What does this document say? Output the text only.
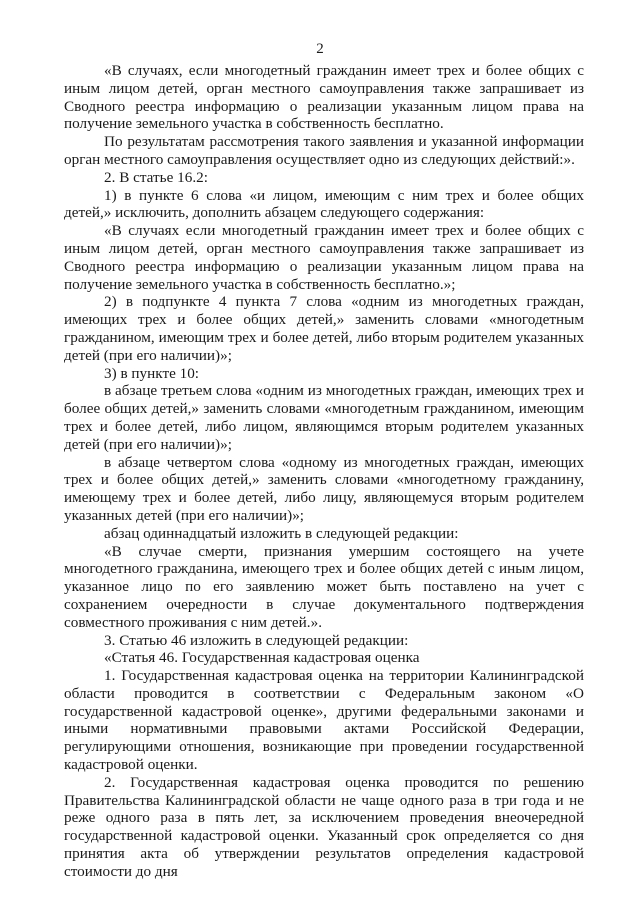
2

«В случаях, если многодетный гражданин имеет трех и более общих с иным лицом детей, орган местного самоуправления также запрашивает из Сводного реестра информацию о реализации указанным лицом права на получение земельного участка в собственность бесплатно.

По результатам рассмотрения такого заявления и указанной информации орган местного самоуправления осуществляет одно из следующих действий:».

2. В статье 16.2:

1) в пункте 6 слова «и лицом, имеющим с ним трех и более общих детей,» исключить, дополнить абзацем следующего содержания:

«В случаях если многодетный гражданин имеет трех и более общих с иным лицом детей, орган местного самоуправления также запрашивает из Сводного реестра информацию о реализации указанным лицом права на получение земельного участка в собственность бесплатно.»;

2) в подпункте 4 пункта 7 слова «одним из многодетных граждан, имеющих трех и более общих детей,» заменить словами «многодетным гражданином, имеющим трех и более детей, либо вторым родителем указанных детей (при его наличии)»;

3) в пункте 10:

в абзаце третьем слова «одним из многодетных граждан, имеющих трех и более общих детей,» заменить словами «многодетным гражданином, имеющим трех и более детей, либо лицом, являющимся вторым родителем указанных детей (при его наличии)»;

в абзаце четвертом слова «одному из многодетных граждан, имеющих трех и более общих детей,» заменить словами «многодетному гражданину, имеющему трех и более детей, либо лицу, являющемуся вторым родителем указанных детей (при его наличии)»;

абзац одиннадцатый изложить в следующей редакции:

«В случае смерти, признания умершим состоящего на учете многодетного гражданина, имеющего трех и более общих детей с иным лицом, указанное лицо по его заявлению может быть поставлено на учет с сохранением очередности в случае документального подтверждения совместного проживания с ним детей.».

3. Статью 46 изложить в следующей редакции:

«Статья 46. Государственная кадастровая оценка

1. Государственная кадастровая оценка на территории Калининградской области проводится в соответствии с Федеральным законом «О государственной кадастровой оценке», другими федеральными законами и иными нормативными правовыми актами Российской Федерации, регулирующими отношения, возникающие при проведении государственной кадастровой оценки.

2. Государственная кадастровая оценка проводится по решению Правительства Калининградской области не чаще одного раза в три года и не реже одного раза в пять лет, за исключением проведения внеочередной государственной кадастровой оценки. Указанный срок определяется со дня принятия акта об утверждении результатов определения кадастровой стоимости до дня
